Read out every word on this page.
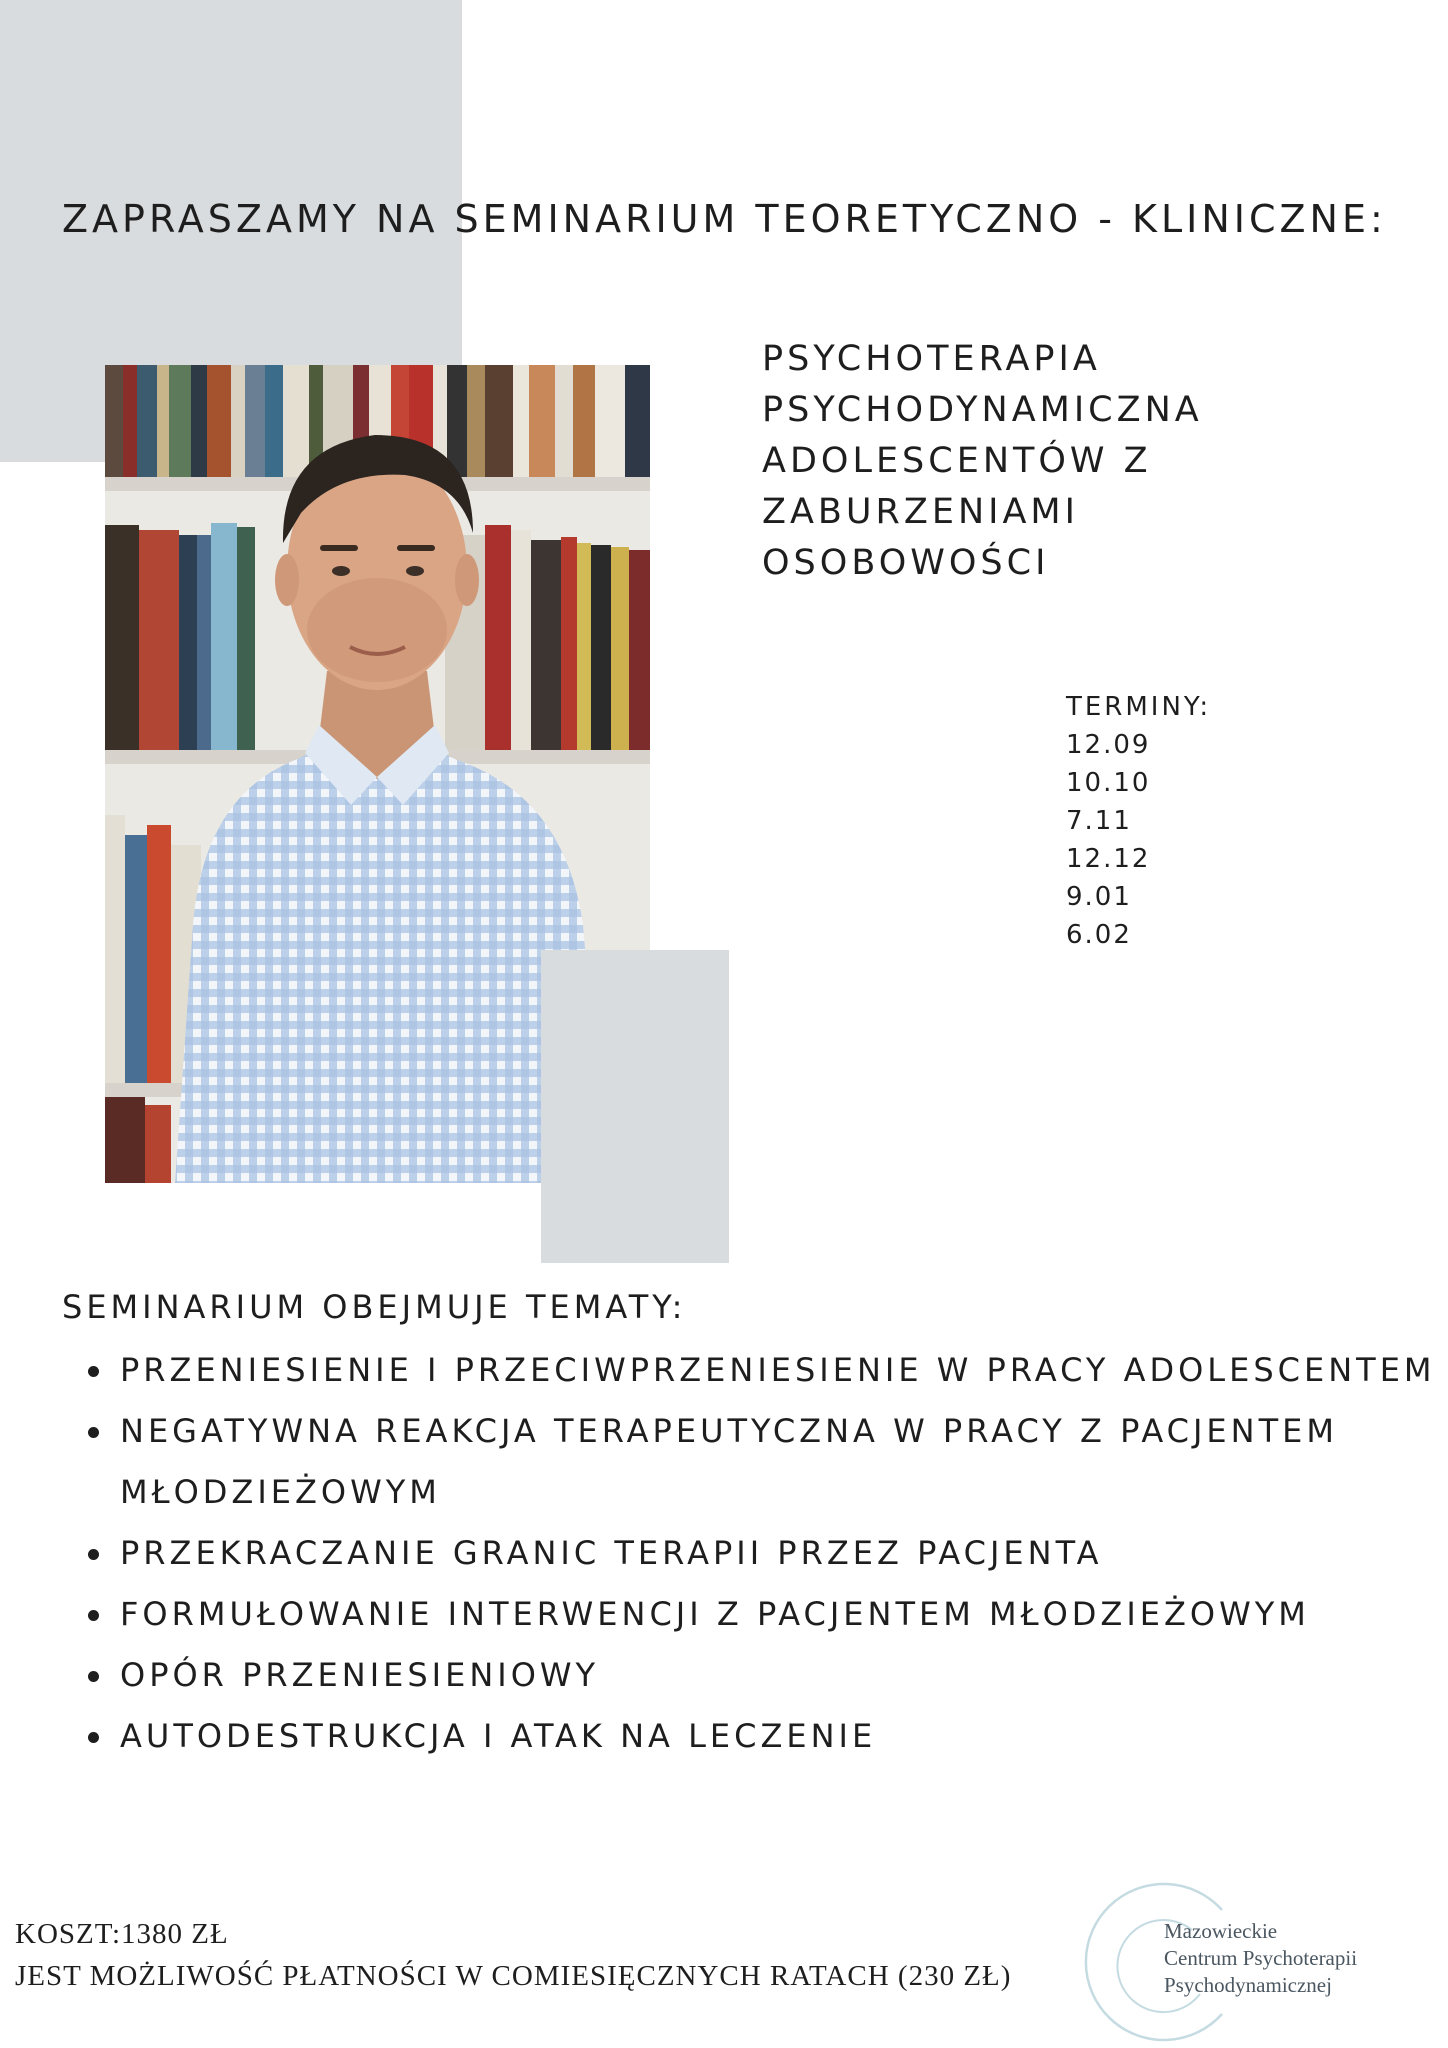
ZAPRASZAMY NA SEMINARIUM TEORETYCZNO - KLINICZNE:
PSYCHOTERAPIA
PSYCHODYNAMICZNA
ADOLESCENTÓW Z
ZABURZENIAMI
OSOBOWOŚCI
TERMINY:
12.09
10.10
7.11
12.12
9.01
6.02
SEMINARIUM OBEJMUJE TEMATY:
PRZENIESIENIE I PRZECIWPRZENIESIENIE W PRACY ADOLESCENTEM
NEGATYWNA REAKCJA TERAPEUTYCZNA W PRACY Z PACJENTEM MŁODZIEŻOWYM
PRZEKRACZANIE GRANIC TERAPII PRZEZ PACJENTA
FORMUŁOWANIE INTERWENCJI Z PACJENTEM MŁODZIEŻOWYM
OPÓR PRZENIESIENIOWY
AUTODESTRUKCJA I ATAK NA LECZENIE
KOSZT:1380 ZŁ
JEST MOŻLIWOŚĆ PŁATNOŚCI W COMIESIĘCZNYCH RATACH (230 ZŁ)
Mazowieckie
Centrum Psychoterapii
Psychodynamicznej
